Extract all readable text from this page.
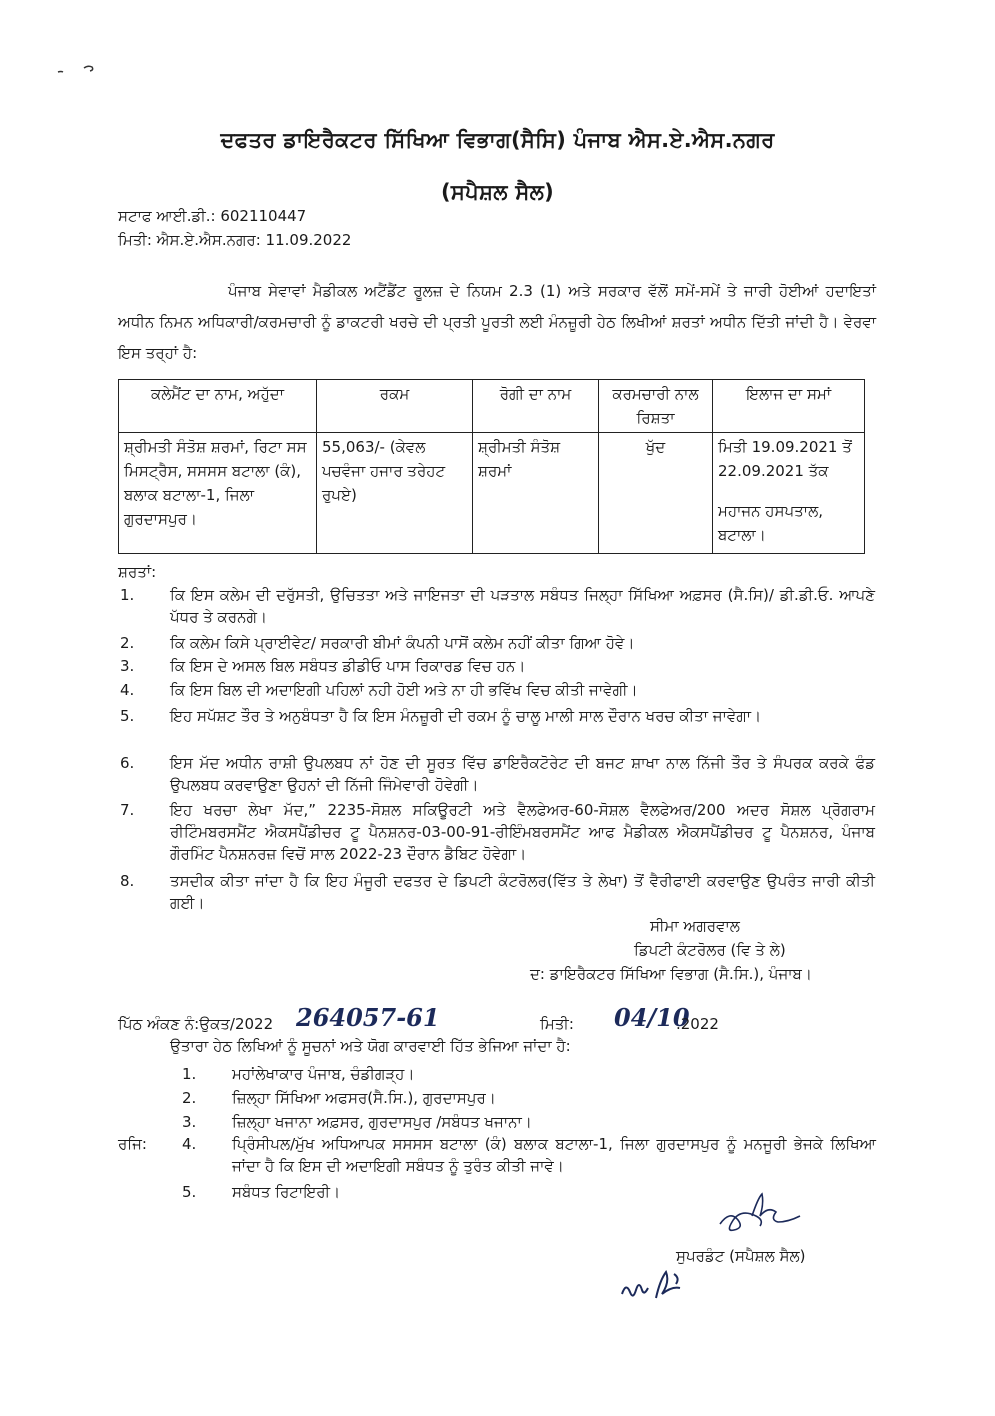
ਦਫਤਰ ਡਾਇਰੈਕਟਰ ਸਿੱਖਿਆ ਵਿਭਾਗ(ਸੈਸਿ) ਪੰਜਾਬ ਐਸ.ਏ.ਐਸ.ਨਗਰ
(ਸਪੈਸ਼ਲ ਸੈਲ)
ਸਟਾਫ ਆਈ.ਡੀ.: 602110447
ਮਿਤੀ: ਐਸ.ਏ.ਐਸ.ਨਗਰ: 11.09.2022
ਪੰਜਾਬ ਸੇਵਾਵਾਂ ਮੈਡੀਕਲ ਅਟੈਂਡੈਂਟ ਰੂਲਜ਼ ਦੇ ਨਿਯਮ 2.3 (1) ਅਤੇ ਸਰਕਾਰ ਵੱਲੋਂ ਸਮੇਂ-ਸਮੇਂ ਤੇ ਜਾਰੀ ਹੋਈਆਂ ਹਦਾਇਤਾਂ ਅਧੀਨ ਨਿਮਨ ਅਧਿਕਾਰੀ/ਕਰਮਚਾਰੀ ਨੂੰ ਡਾਕਟਰੀ ਖਰਚੇ ਦੀ ਪ੍ਰਤੀ ਪੂਰਤੀ ਲਈ ਮੰਨਜ਼ੂਰੀ ਹੇਠ ਲਿਖੀਆਂ ਸ਼ਰਤਾਂ ਅਧੀਨ ਦਿੱਤੀ ਜਾਂਦੀ ਹੈ। ਵੇਰਵਾ ਇਸ ਤਰ੍ਹਾਂ ਹੈ:
ਕਲੇਮੈਂਟ ਦਾ ਨਾਮ, ਅਹੁੱਦਾ	ਰਕਮ	ਰੋਗੀ ਦਾ ਨਾਮ	ਕਰਮਚਾਰੀ ਨਾਲ ਰਿਸ਼ਤਾ	ਇਲਾਜ ਦਾ ਸਮਾਂ
ਸ਼੍ਰੀਮਤੀ ਸੰਤੋਸ਼ ਸ਼ਰਮਾਂ, ਰਿਟਾ ਸਸ ਮਿਸਟ੍ਰੈਸ, ਸਸਸਸ ਬਟਾਲਾ (ਕੰ), ਬਲਾਕ ਬਟਾਲਾ-1, ਜਿਲਾ ਗੁਰਦਾਸਪੁਰ।	55,063/- (ਕੇਵਲ ਪਚਵੰਜਾ ਹਜਾਰ ਤਰੇਹਟ ਰੁਪਏ)	ਸ਼੍ਰੀਮਤੀ ਸੰਤੋਸ਼ ਸ਼ਰਮਾਂ	ਖੁੱਦ	ਮਿਤੀ 19.09.2021 ਤੋਂ 22.09.2021 ਤੱਕ
ਮਹਾਜਨ ਹਸਪਤਾਲ, ਬਟਾਲਾ।
ਸ਼ਰਤਾਂ:
1. ਕਿ ਇਸ ਕਲੇਮ ਦੀ ਦਰੁੱਸਤੀ, ਉਚਿਤਤਾ ਅਤੇ ਜਾਇਜਤਾ ਦੀ ਪੜਤਾਲ ਸਬੰਧਤ ਜਿਲ੍ਹਾ ਸਿੱਖਿਆ ਅਫ਼ਸਰ (ਸੈ.ਸਿ)/ ਡੀ.ਡੀ.ਓ. ਆਪਣੇ ਪੱਧਰ ਤੇ ਕਰਨਗੇ।
2. ਕਿ ਕਲੇਮ ਕਿਸੇ ਪ੍ਰਾਈਵੇਟ/ ਸਰਕਾਰੀ ਬੀਮਾਂ ਕੰਪਨੀ ਪਾਸੋਂ ਕਲੇਮ ਨਹੀਂ ਕੀਤਾ ਗਿਆ ਹੋਵੇ।
3. ਕਿ ਇਸ ਦੇ ਅਸਲ ਬਿਲ ਸਬੰਧਤ ਡੀਡੀਓ ਪਾਸ ਰਿਕਾਰਡ ਵਿਚ ਹਨ।
4. ਕਿ ਇਸ ਬਿਲ ਦੀ ਅਦਾਇਗੀ ਪਹਿਲਾਂ ਨਹੀ ਹੋਈ ਅਤੇ ਨਾ ਹੀ ਭਵਿੱਖ ਵਿਚ ਕੀਤੀ ਜਾਵੇਗੀ।
5. ਇਹ ਸਪੱਸ਼ਟ ਤੌਰ ਤੇ ਅਨੁਬੰਧਤਾ ਹੈ ਕਿ ਇਸ ਮੰਨਜ਼ੂਰੀ ਦੀ ਰਕਮ ਨੂੰ ਚਾਲੂ ਮਾਲੀ ਸਾਲ ਦੌਰਾਨ ਖਰਚ ਕੀਤਾ ਜਾਵੇਗਾ।
6. ਇਸ ਮੱਦ ਅਧੀਨ ਰਾਸ਼ੀ ਉਪਲਬਧ ਨਾਂ ਹੋਣ ਦੀ ਸੂਰਤ ਵਿੱਚ ਡਾਇਰੈਕਟੋਰੇਟ ਦੀ ਬਜਟ ਸ਼ਾਖਾ ਨਾਲ ਨਿੱਜੀ ਤੌਰ ਤੇ ਸੰਪਰਕ ਕਰਕੇ ਫੰਡ ਉਪਲਬਧ ਕਰਵਾਉਣਾ ਉਹਨਾਂ ਦੀ ਨਿੱਜੀ ਜਿੰਮੇਵਾਰੀ ਹੋਵੇਗੀ।
7. ਇਹ ਖਰਚਾ ਲੇਖਾ ਮੱਦ,” 2235-ਸੋਸ਼ਲ ਸਕਿਊਰਟੀ ਅਤੇ ਵੈਲਫੇਅਰ-60-ਸੋਸ਼ਲ ਵੈਲਫੇਅਰ/200 ਅਦਰ ਸੋਸ਼ਲ ਪ੍ਰੋਗਰਾਮ ਰੀਟਿੰਮਬਰਸਮੈਂਟ ਐਕਸਪੈਂਡੀਚਰ ਟੂ ਪੈਨਸ਼ਨਰ-03-00-91-ਰੀਇੰਮਬਰਸਮੈਂਟ ਆਫ ਮੈਡੀਕਲ ਐਕਸਪੈਂਡੀਚਰ ਟੂ ਪੈਨਸ਼ਨਰ, ਪੰਜਾਬ ਗੌਰਮਿੰਟ ਪੈਨਸ਼ਨਰਜ਼ ਵਿਚੋਂ ਸਾਲ 2022-23 ਦੌਰਾਨ ਡੈਬਿਟ ਹੋਵੇਗਾ।
8. ਤਸਦੀਕ ਕੀਤਾ ਜਾਂਦਾ ਹੈ ਕਿ ਇਹ ਮੰਜੂਰੀ ਦਫਤਰ ਦੇ ਡਿਪਟੀ ਕੰਟਰੋਲਰ(ਵਿੱਤ ਤੇ ਲੇਖਾ) ਤੋਂ ਵੈਰੀਫਾਈ ਕਰਵਾਉਣ ਉਪਰੰਤ ਜਾਰੀ ਕੀਤੀ ਗਈ।
ਸੀਮਾ ਅਗਰਵਾਲ
ਡਿਪਟੀ ਕੰਟਰੋਲਰ (ਵਿ ਤੇ ਲੇ)
ਦ: ਡਾਇਰੈਕਟਰ ਸਿੱਖਿਆ ਵਿਭਾਗ (ਸੈ.ਸਿ.), ਪੰਜਾਬ।
ਪਿੱਠ ਅੰਕਣ ਨੰ:ਉਕਤ/2022 264057-61	ਮਿਤੀ: 04/10
.2022
ਉਤਾਰਾ ਹੇਠ ਲਿਖਿਆਂ ਨੂੰ ਸੂਚਨਾਂ ਅਤੇ ਯੋਗ ਕਾਰਵਾਈ ਹਿੱਤ ਭੇਜਿਆ ਜਾਂਦਾ ਹੈ:
1. ਮਹਾਂਲੇਖਾਕਾਰ ਪੰਜਾਬ, ਚੰਡੀਗੜ੍ਹ।
2. ਜ਼ਿਲ੍ਹਾ ਸਿੱਖਿਆ ਅਫਸਰ(ਸੈ.ਸਿ.), ਗੁਰਦਾਸਪੁਰ।
3. ਜ਼ਿਲ੍ਹਾ ਖਜਾਨਾ ਅਫ਼ਸਰ, ਗੁਰਦਾਸਪੁਰ /ਸਬੰਧਤ ਖਜਾਨਾ।
ਰਜਿ: 4. ਪ੍ਰਿੰਸੀਪਲ/ਮੁੱਖ ਅਧਿਆਪਕ ਸਸਸਸ ਬਟਾਲਾ (ਕੰ) ਬਲਾਕ ਬਟਾਲਾ-1, ਜਿਲਾ ਗੁਰਦਾਸਪੁਰ ਨੂੰ ਮਨਜੂਰੀ ਭੇਜਕੇ ਲਿਖਿਆ ਜਾਂਦਾ ਹੈ ਕਿ ਇਸ ਦੀ ਅਦਾਇਗੀ ਸਬੰਧਤ ਨੂੰ ਤੁਰੰਤ ਕੀਤੀ ਜਾਵੇ।
5. ਸਬੰਧਤ ਰਿਟਾਇਰੀ।
ਸੁਪਰਡੰਟ (ਸਪੈਸ਼ਲ ਸੈਲ)
